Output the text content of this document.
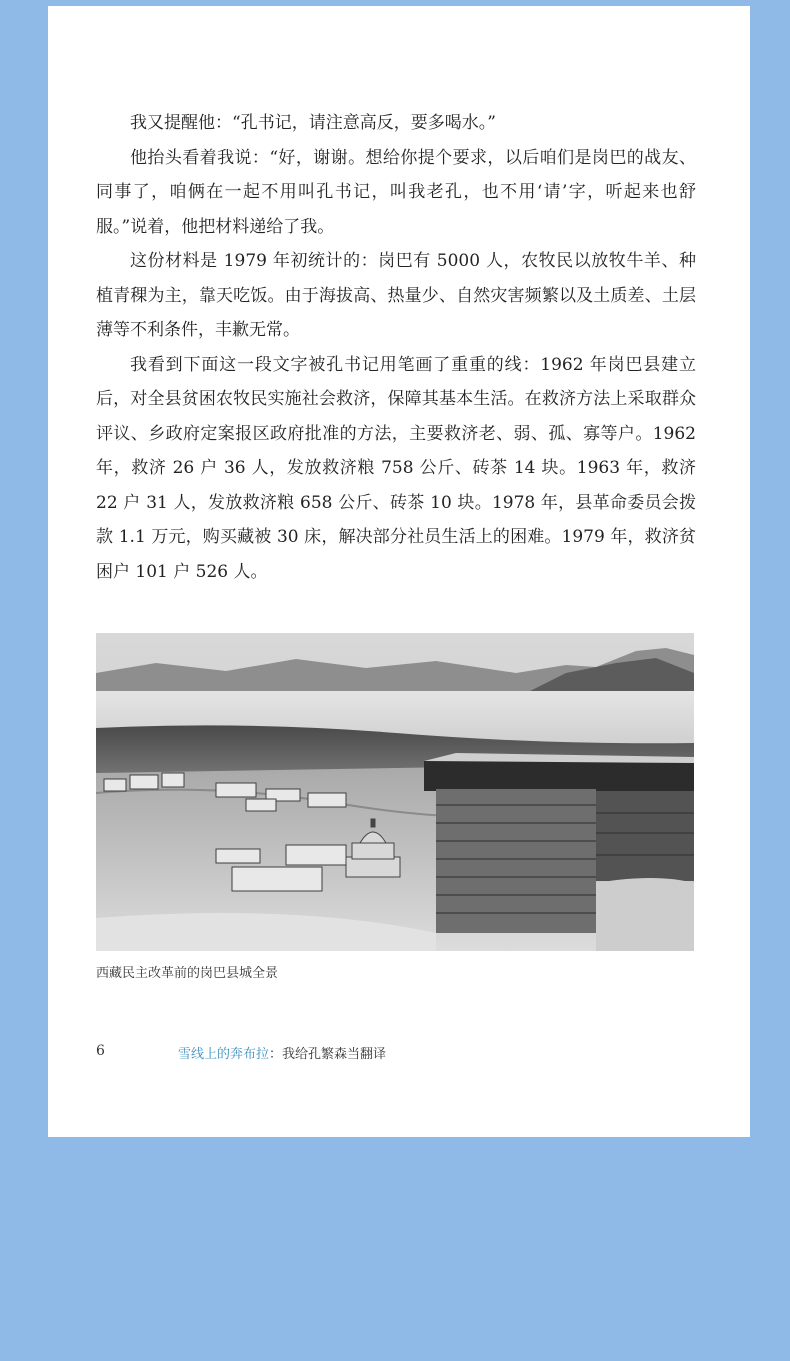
我又提醒他：“孔书记，请注意高反，要多喝水。”

他抬头看着我说：“好，谢谢。想给你提个要求，以后咱们是岗巴的战友、同事了，咱俩在一起不用叫孔书记，叫我老孔，也不用‘请’字，听起来也舒服。”说着，他把材料递给了我。

这份材料是 1979 年初统计的：岗巴有 5000 人，农牧民以放牧牛羊、种植青稞为主，靠天吃饭。由于海拔高、热量少、自然灾害频繁以及土质差、土层薄等不利条件，丰歉无常。

我看到下面这一段文字被孔书记用笔画了重重的线：1962 年岗巴县建立后，对全县贫困农牧民实施社会救济，保障其基本生活。在救济方法上采取群众评议、乡政府定案报区政府批准的方法，主要救济老、弱、孤、寡等户。1962 年，救济 26 户 36 人，发放救济粮 758 公斤、砖茶 14 块。1963 年，救济 22 户 31 人，发放救济粮 658 公斤、砖茶 10 块。1978 年，县革命委员会拨款 1.1 万元，购买藏被 30 床，解决部分社员生活上的困难。1979 年，救济贫困户 101 户 526 人。

西藏民主改革前的岗巴县城全景
6	雪线上的奔布拉：我给孔繁森当翻译
